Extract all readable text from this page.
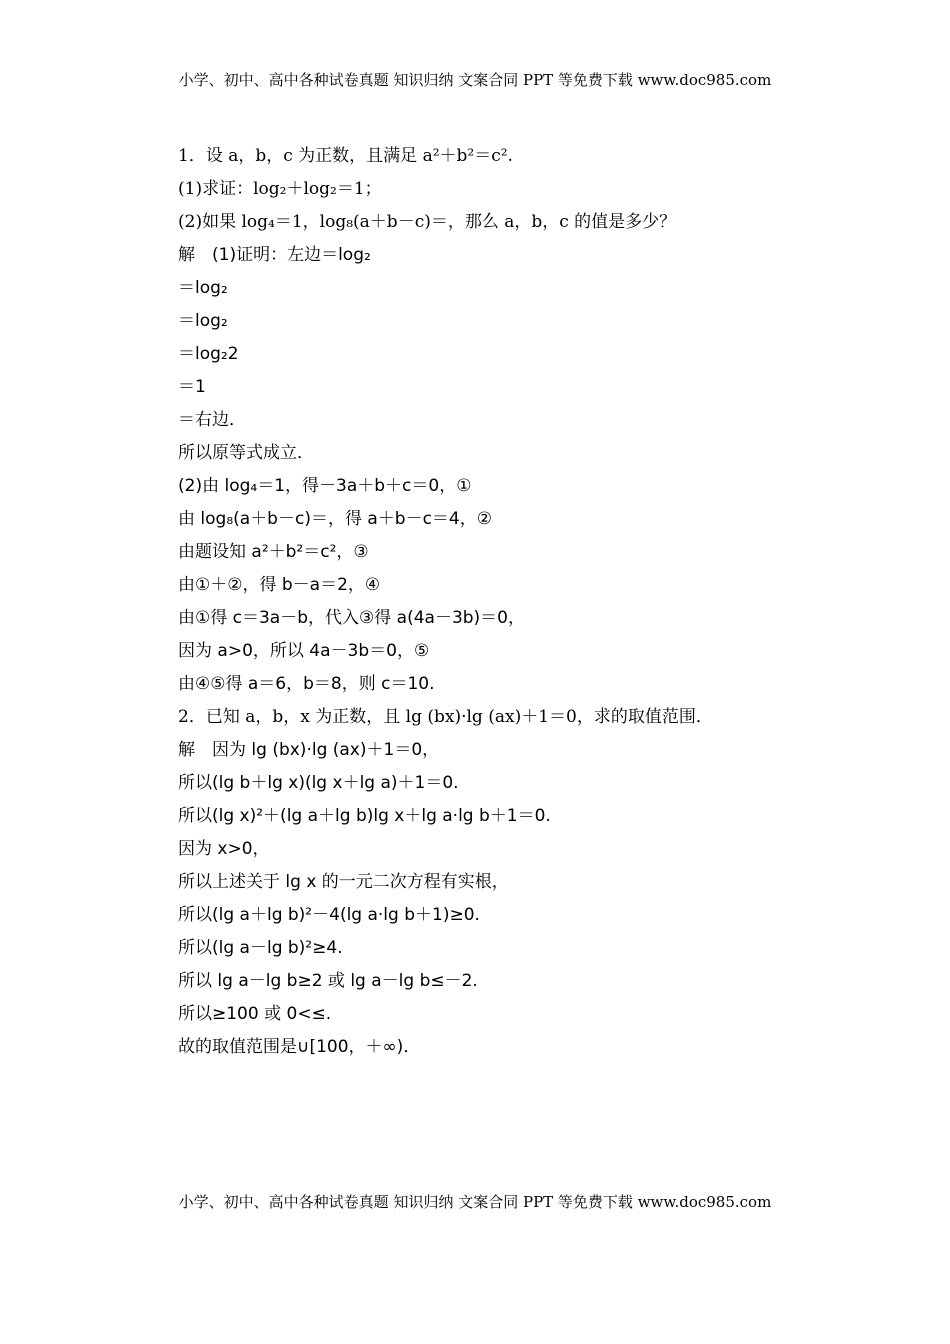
小学、初中、高中各种试卷真题 知识归纳 文案合同 PPT 等免费下载 www.doc985.com
1．设 a，b，c 为正数，且满足 a²＋b²＝c².
(1)求证：log₂＋log₂＝1；
(2)如果 log₄＝1，log₈(a＋b－c)＝，那么 a，b，c 的值是多少？
解　(1)证明：左边＝log₂
＝log₂
＝log₂
＝log₂2
＝1
＝右边．
所以原等式成立．
(2)由 log₄＝1，得－3a＋b＋c＝0，①
由 log₈(a＋b－c)＝，得 a＋b－c＝4，②
由题设知 a²＋b²＝c²，③
由①＋②，得 b－a＝2，④
由①得 c＝3a－b，代入③得 a(4a－3b)＝0，
因为 a>0，所以 4a－3b＝0，⑤
由④⑤得 a＝6，b＝8，则 c＝10.
2．已知 a，b，x 为正数，且 lg (bx)·lg (ax)＋1＝0，求的取值范围．
解　因为 lg (bx)·lg (ax)＋1＝0，
所以(lg b＋lg x)(lg x＋lg a)＋1＝0.
所以(lg x)²＋(lg a＋lg b)lg x＋lg a·lg b＋1＝0.
因为 x>0，
所以上述关于 lg x 的一元二次方程有实根，
所以(lg a＋lg b)²－4(lg a·lg b＋1)≥0.
所以(lg a－lg b)²≥4.
所以 lg a－lg b≥2 或 lg a－lg b≤－2.
所以≥100 或 0<≤.
故的取值范围是∪[100，＋∞)．
小学、初中、高中各种试卷真题 知识归纳 文案合同 PPT 等免费下载 www.doc985.com
